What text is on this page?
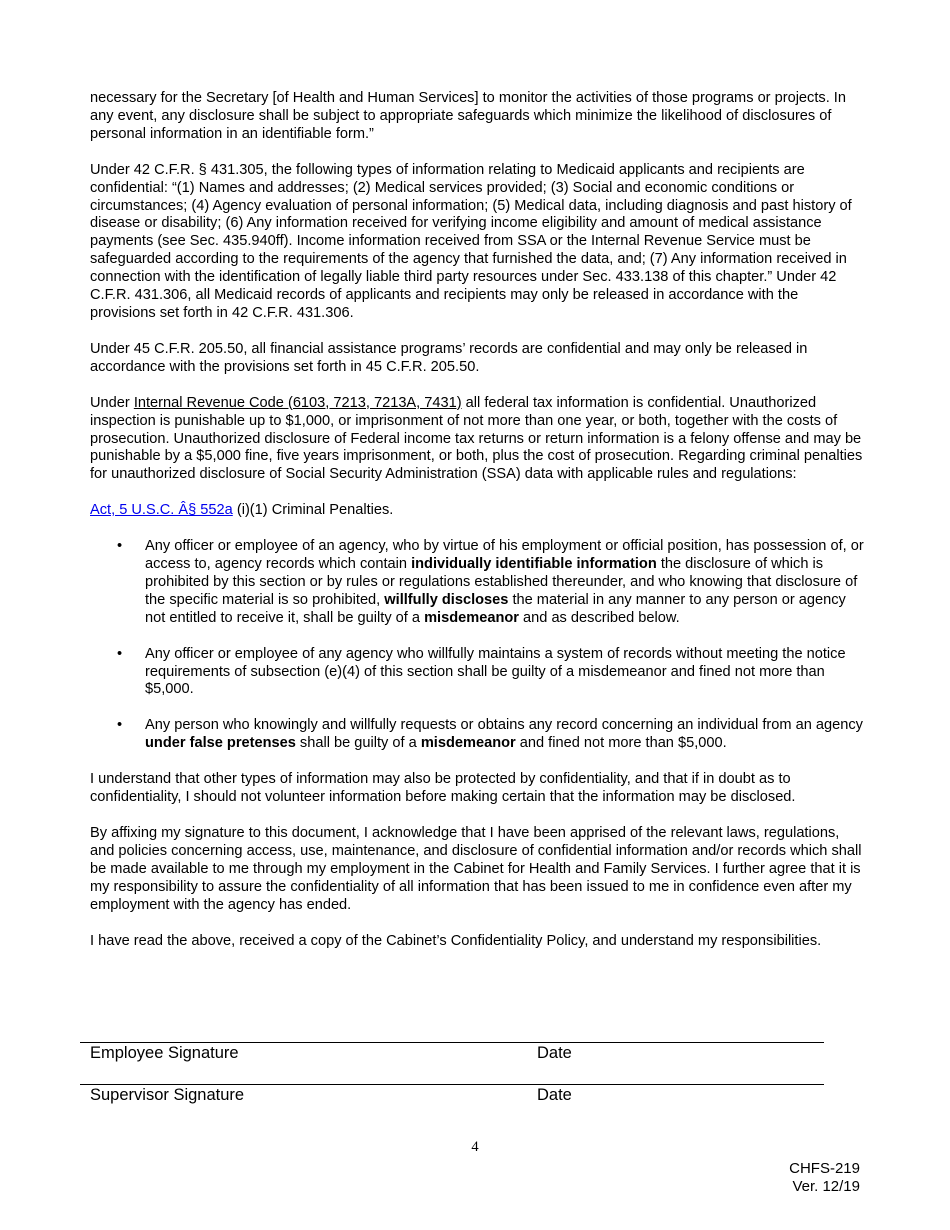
necessary for the Secretary [of Health and Human Services] to monitor the activities of those programs or projects. In any event, any disclosure shall be subject to appropriate safeguards which minimize the likelihood of disclosures of personal information in an identifiable form.”

Under 42 C.F.R. § 431.305, the following types of information relating to Medicaid applicants and recipients are confidential: “(1) Names and addresses; (2) Medical services provided; (3) Social and economic conditions or circumstances; (4) Agency evaluation of personal information; (5) Medical data, including diagnosis and past history of disease or disability; (6) Any information received for verifying income eligibility and amount of medical assistance payments (see Sec. 435.940ff). Income information received from SSA or the Internal Revenue Service must be safeguarded according to the requirements of the agency that furnished the data, and; (7) Any information received in connection with the identification of legally liable third party resources under Sec. 433.138 of this chapter.” Under 42 C.F.R. 431.306, all Medicaid records of applicants and recipients may only be released in accordance with the provisions set forth in 42 C.F.R. 431.306.

Under 45 C.F.R. 205.50, all financial assistance programs’ records are confidential and may only be released in accordance with the provisions set forth in 45 C.F.R. 205.50.

Under Internal Revenue Code (6103, 7213, 7213A, 7431) all federal tax information is confidential. Unauthorized inspection is punishable up to $1,000, or imprisonment of not more than one year, or both, together with the costs of prosecution. Unauthorized disclosure of Federal income tax returns or return information is a felony offense and may be punishable by a $5,000 fine, five years imprisonment, or both, plus the cost of prosecution. Regarding criminal penalties for unauthorized disclosure of Social Security Administration (SSA) data with applicable rules and regulations:

Act, 5 U.S.C. Â§ 552a (i)(1) Criminal Penalties.

• Any officer or employee of an agency, who by virtue of his employment or official position, has possession of, or access to, agency records which contain individually identifiable information the disclosure of which is prohibited by this section or by rules or regulations established thereunder, and who knowing that disclosure of the specific material is so prohibited, willfully discloses the material in any manner to any person or agency not entitled to receive it, shall be guilty of a misdemeanor and as described below.
• Any officer or employee of any agency who willfully maintains a system of records without meeting the notice requirements of subsection (e)(4) of this section shall be guilty of a misdemeanor and fined not more than $5,000.
• Any person who knowingly and willfully requests or obtains any record concerning an individual from an agency under false pretenses shall be guilty of a misdemeanor and fined not more than $5,000.

I understand that other types of information may also be protected by confidentiality, and that if in doubt as to confidentiality, I should not volunteer information before making certain that the information may be disclosed.

By affixing my signature to this document, I acknowledge that I have been apprised of the relevant laws, regulations, and policies concerning access, use, maintenance, and disclosure of confidential information and/or records which shall be made available to me through my employment in the Cabinet for Health and Family Services. I further agree that it is my responsibility to assure the confidentiality of all information that has been issued to me in confidence even after my employment with the agency has ended.

I have read the above, received a copy of the Cabinet’s Confidentiality Policy, and understand my responsibilities.

Employee Signature	Date
Supervisor Signature	Date
4
CHFS-219
Ver. 12/19
